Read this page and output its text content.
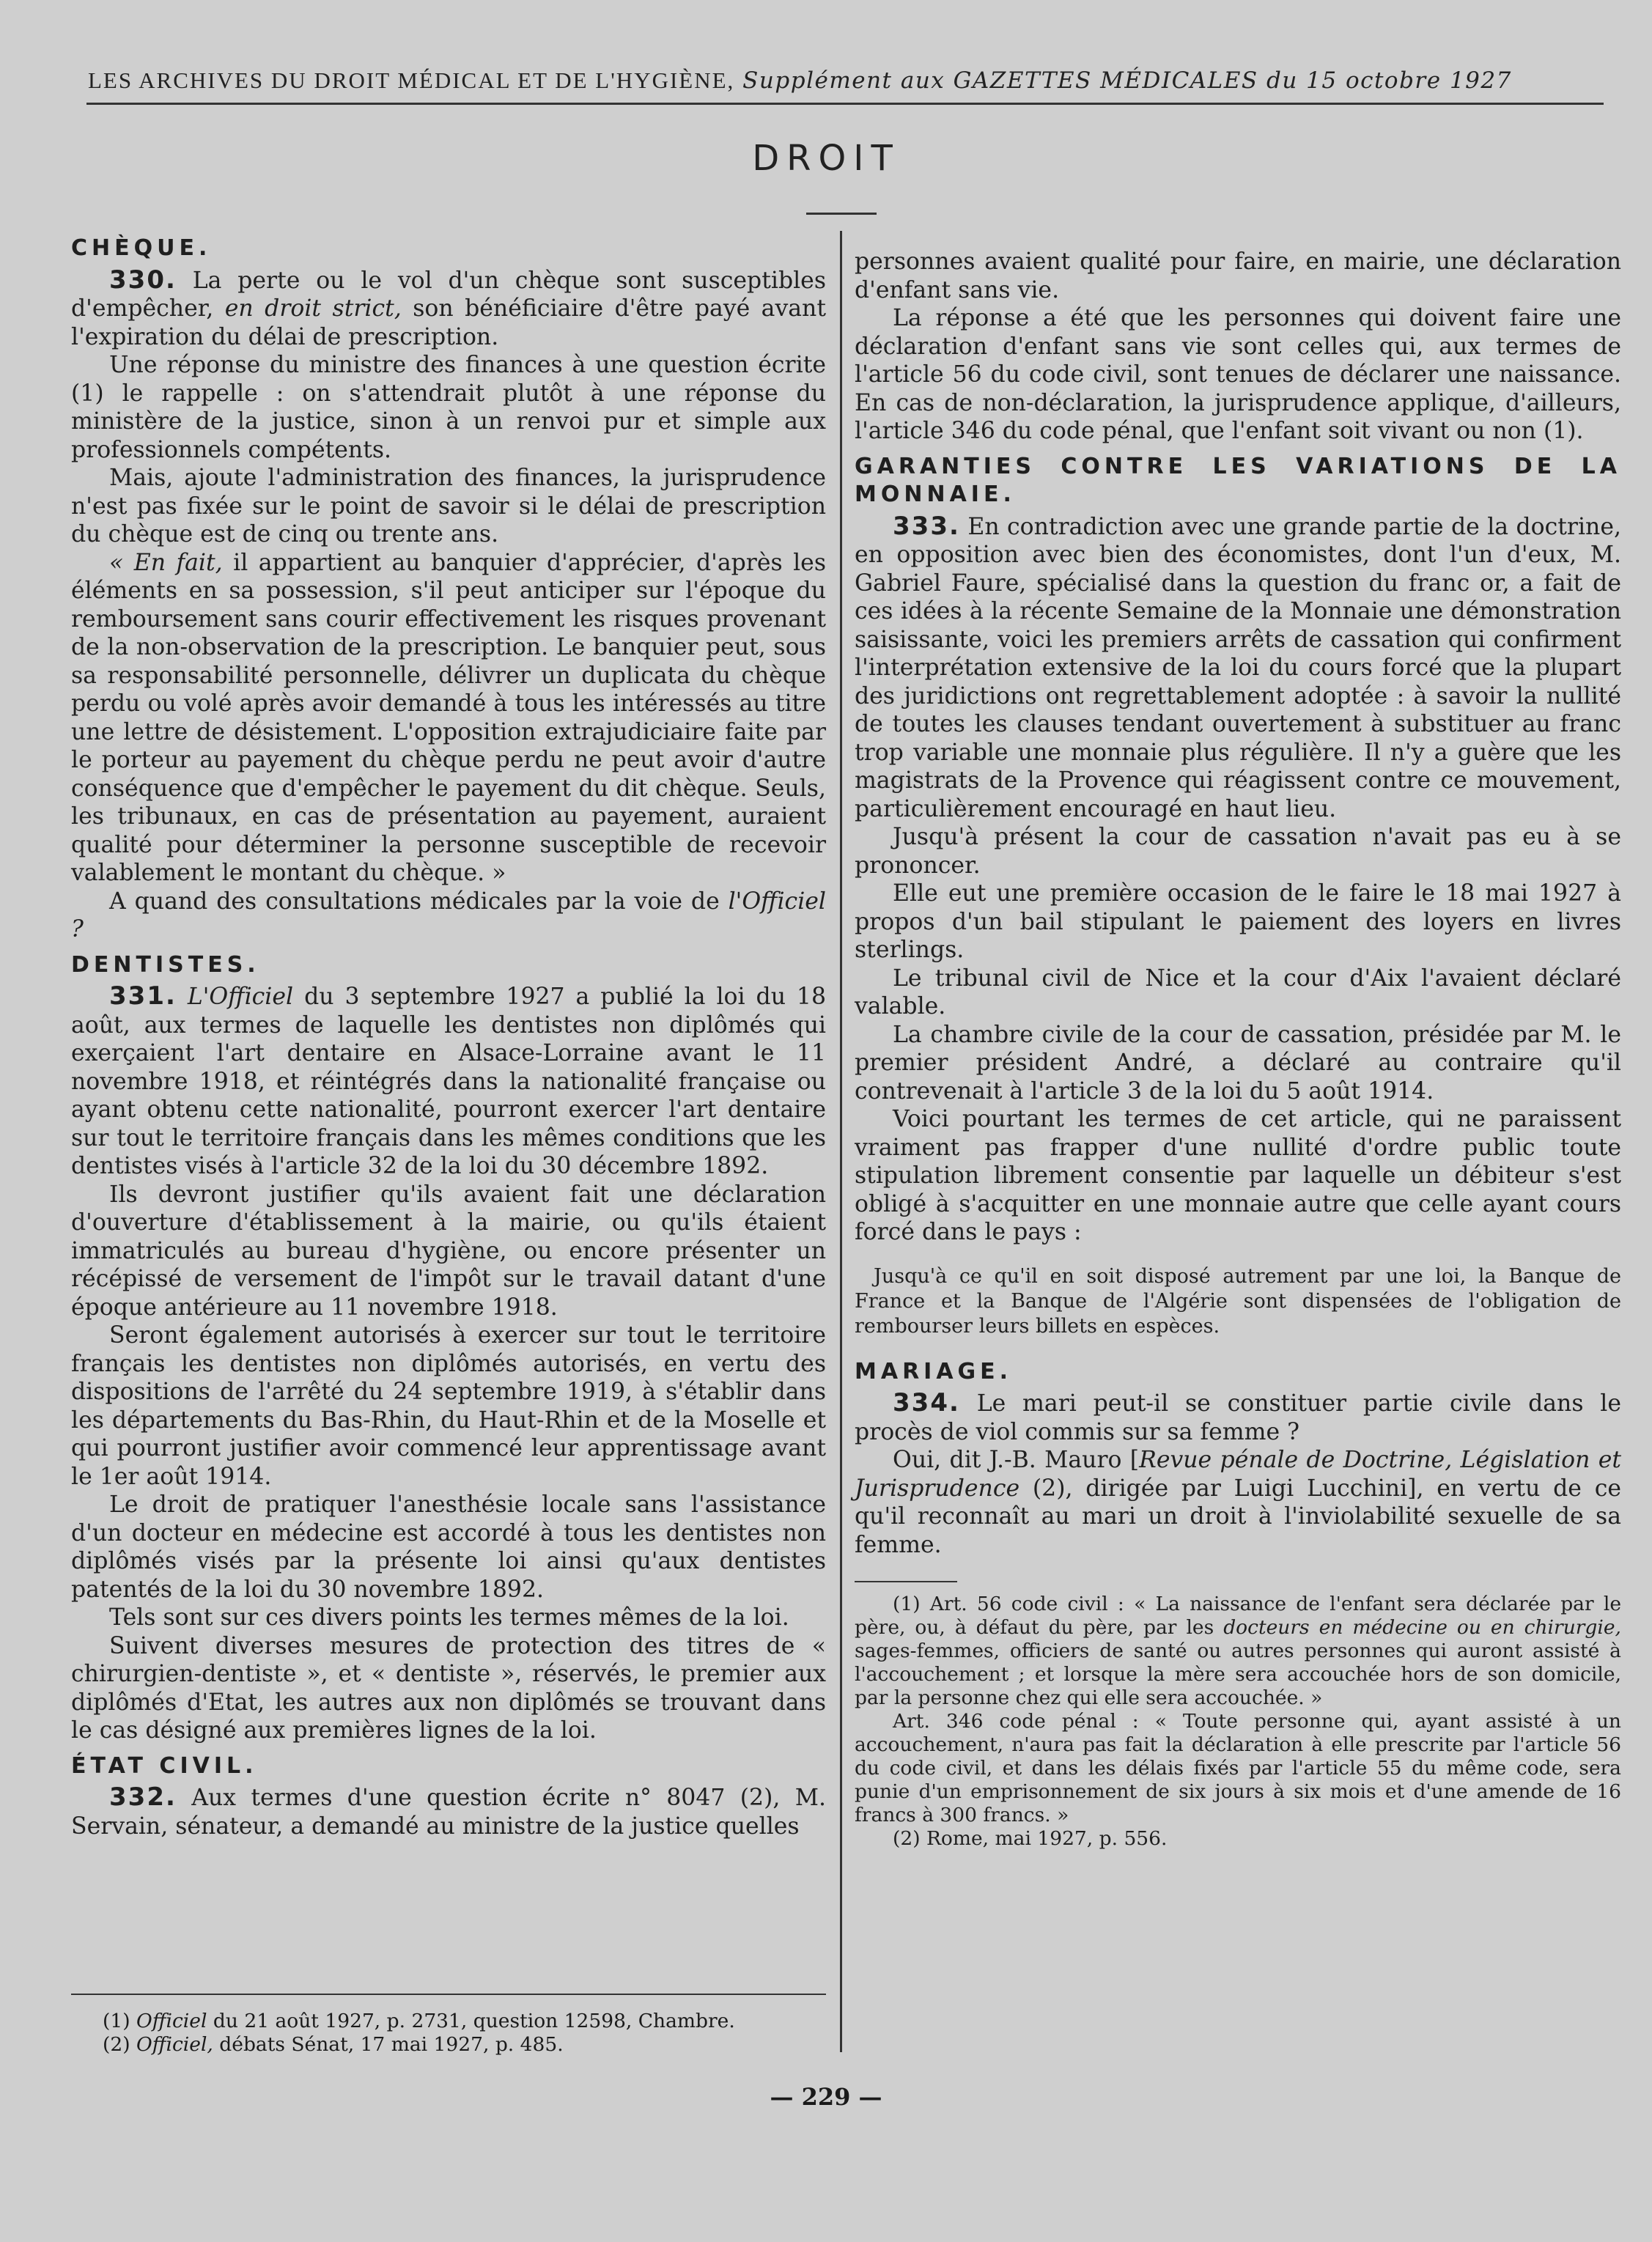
LES ARCHIVES DU DROIT MÉDICAL ET DE L'HYGIÈNE, Supplément aux GAZETTES MÉDICALES du 15 octobre 1927
DROIT

CHÈQUE.

330. La perte ou le vol d'un chèque sont susceptibles d'empêcher, en droit strict, son bénéficiaire d'être payé avant l'expiration du délai de prescription.

Une réponse du ministre des finances à une question écrite (1) le rappelle : on s'attendrait plutôt à une réponse du ministère de la justice, sinon à un renvoi pur et simple aux professionnels compétents.

Mais, ajoute l'administration des finances, la jurisprudence n'est pas fixée sur le point de savoir si le délai de prescription du chèque est de cinq ou trente ans.

« En fait, il appartient au banquier d'apprécier, d'après les éléments en sa possession, s'il peut anticiper sur l'époque du remboursement sans courir effectivement les risques provenant de la non-observation de la prescription. Le banquier peut, sous sa responsabilité personnelle, délivrer un duplicata du chèque perdu ou volé après avoir demandé à tous les intéressés au titre une lettre de désistement. L'opposition extrajudiciaire faite par le porteur au payement du chèque perdu ne peut avoir d'autre conséquence que d'empêcher le payement du dit chèque. Seuls, les tribunaux, en cas de présentation au payement, auraient qualité pour déterminer la personne susceptible de recevoir valablement le montant du chèque. »

A quand des consultations médicales par la voie de l'Officiel ?

DENTISTES.

331. L'Officiel du 3 septembre 1927 a publié la loi du 18 août, aux termes de laquelle les dentistes non diplômés qui exerçaient l'art dentaire en Alsace-Lorraine avant le 11 novembre 1918, et réintégrés dans la nationalité française ou ayant obtenu cette nationalité, pourront exercer l'art dentaire sur tout le territoire français dans les mêmes conditions que les dentistes visés à l'article 32 de la loi du 30 décembre 1892.

Ils devront justifier qu'ils avaient fait une déclaration d'ouverture d'établissement à la mairie, ou qu'ils étaient immatriculés au bureau d'hygiène, ou encore présenter un récépissé de versement de l'impôt sur le travail datant d'une époque antérieure au 11 novembre 1918.

Seront également autorisés à exercer sur tout le territoire français les dentistes non diplômés autorisés, en vertu des dispositions de l'arrêté du 24 septembre 1919, à s'établir dans les départements du Bas-Rhin, du Haut-Rhin et de la Moselle et qui pourront justifier avoir commencé leur apprentissage avant le 1er août 1914.

Le droit de pratiquer l'anesthésie locale sans l'assistance d'un docteur en médecine est accordé à tous les dentistes non diplômés visés par la présente loi ainsi qu'aux dentistes patentés de la loi du 30 novembre 1892.

Tels sont sur ces divers points les termes mêmes de la loi.

Suivent diverses mesures de protection des titres de « chirurgien-dentiste », et « dentiste », réservés, le premier aux diplômés d'Etat, les autres aux non diplômés se trouvant dans le cas désigné aux premières lignes de la loi.

ÉTAT CIVIL.

332. Aux termes d'une question écrite n° 8047 (2), M. Servain, sénateur, a demandé au ministre de la justice quelles

(1) Officiel du 21 août 1927, p. 2731, question 12598, Chambre.
(2) Officiel, débats Sénat, 17 mai 1927, p. 485.

personnes avaient qualité pour faire, en mairie, une déclaration d'enfant sans vie.

La réponse a été que les personnes qui doivent faire une déclaration d'enfant sans vie sont celles qui, aux termes de l'article 56 du code civil, sont tenues de déclarer une naissance. En cas de non-déclaration, la jurisprudence applique, d'ailleurs, l'article 346 du code pénal, que l'enfant soit vivant ou non (1).

GARANTIES CONTRE LES VARIATIONS DE LA MONNAIE.

333. En contradiction avec une grande partie de la doctrine, en opposition avec bien des économistes, dont l'un d'eux, M. Gabriel Faure, spécialisé dans la question du franc or, a fait de ces idées à la récente Semaine de la Monnaie une démonstration saisissante, voici les premiers arrêts de cassation qui confirment l'interprétation extensive de la loi du cours forcé que la plupart des juridictions ont regrettablement adoptée : à savoir la nullité de toutes les clauses tendant ouvertement à substituer au franc trop variable une monnaie plus régulière. Il n'y a guère que les magistrats de la Provence qui réagissent contre ce mouvement, particulièrement encouragé en haut lieu.

Jusqu'à présent la cour de cassation n'avait pas eu à se prononcer.

Elle eut une première occasion de le faire le 18 mai 1927 à propos d'un bail stipulant le paiement des loyers en livres sterlings.

Le tribunal civil de Nice et la cour d'Aix l'avaient déclaré valable.

La chambre civile de la cour de cassation, présidée par M. le premier président André, a déclaré au contraire qu'il contrevenait à l'article 3 de la loi du 5 août 1914.

Voici pourtant les termes de cet article, qui ne paraissent vraiment pas frapper d'une nullité d'ordre public toute stipulation librement consentie par laquelle un débiteur s'est obligé à s'acquitter en une monnaie autre que celle ayant cours forcé dans le pays :

Jusqu'à ce qu'il en soit disposé autrement par une loi, la Banque de France et la Banque de l'Algérie sont dispensées de l'obligation de rembourser leurs billets en espèces.

MARIAGE.

334. Le mari peut-il se constituer partie civile dans le procès de viol commis sur sa femme ?

Oui, dit J.-B. Mauro [Revue pénale de Doctrine, Législation et Jurisprudence (2), dirigée par Luigi Lucchini], en vertu de ce qu'il reconnaît au mari un droit à l'inviolabilité sexuelle de sa femme.

(1) Art. 56 code civil : « La naissance de l'enfant sera déclarée par le père, ou, à défaut du père, par les docteurs en médecine ou en chirurgie, sages-femmes, officiers de santé ou autres personnes qui auront assisté à l'accouchement ; et lorsque la mère sera accouchée hors de son domicile, par la personne chez qui elle sera accouchée. »

Art. 346 code pénal : « Toute personne qui, ayant assisté à un accouchement, n'aura pas fait la déclaration à elle prescrite par l'article 56 du code civil, et dans les délais fixés par l'article 55 du même code, sera punie d'un emprisonnement de six jours à six mois et d'une amende de 16 francs à 300 francs. »

(2) Rome, mai 1927, p. 556.

— 229 —
